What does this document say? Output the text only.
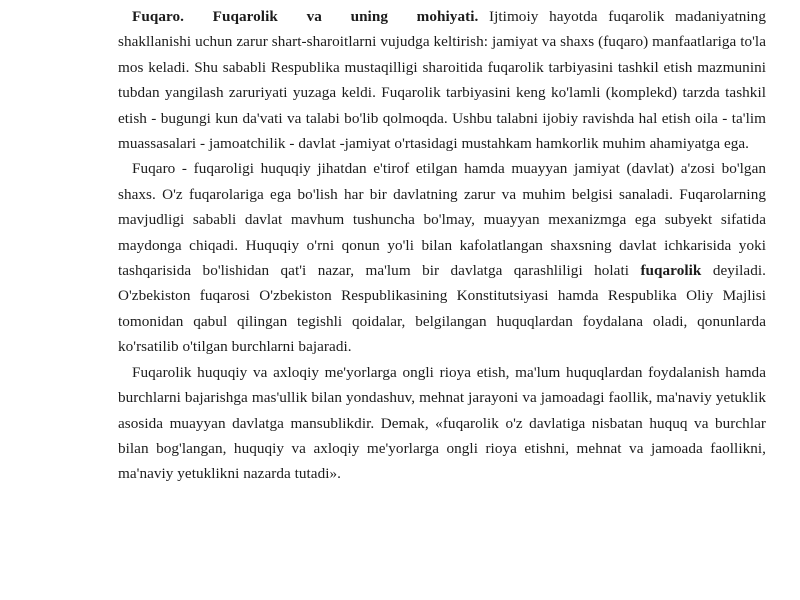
Fuqaro. Fuqarolik va uning mohiyati. Ijtimoiy hayotda fuqarolik madaniyatning shakllanishi uchun zarur shart-sharoitlarni vujudga keltirish: jamiyat va shaxs (fuqaro) manfaatlariga to'la mos keladi. Shu sababli Respublika mustaqilligi sharoitida fuqarolik tarbiyasini tashkil etish mazmunini tubdan yangilash zaruriyati yuzaga keldi. Fuqarolik tarbiyasini keng ko'lamli (komplekd) tarzda tashkil etish - bugungi kun da'vati va talabi bo'lib qolmoqda. Ushbu talabni ijobiy ravishda hal etish oila - ta'lim muassasalari - jamoatchilik - davlat -jamiyat o'rtasidagi mustahkam hamkorlik muhim ahamiyatga ega.

Fuqaro - fuqaroligi huquqiy jihatdan e'tirof etilgan hamda muayyan jamiyat (davlat) a'zosi bo'lgan shaxs. O'z fuqarolariga ega bo'lish har bir davlatning zarur va muhim belgisi sanaladi. Fuqarolarning mavjudligi sababli davlat mavhum tushuncha bo'lmay, muayyan mexanizmga ega subyekt sifatida maydonga chiqadi. Huquqiy o'rni qonun yo'li bilan kafolatlangan shaxsning davlat ichkarisida yoki tashqarisida bo'lishidan qat'i nazar, ma'lum bir davlatga qarashliligi holati fuqarolik deyiladi. O'zbekiston fuqarosi O'zbekiston Respublikasining Konstitutsiyasi hamda Respublika Oliy Majlisi tomonidan qabul qilingan tegishli qoidalar, belgilangan huquqlardan foydalana oladi, qonunlarda ko'rsatilib o'tilgan burchlarni bajaradi.

Fuqarolik huquqiy va axloqiy me'yorlarga ongli rioya etish, ma'lum huquqlardan foydalanish hamda burchlarni bajarishga mas'ullik bilan yondashuv, mehnat jarayoni va jamoadagi faollik, ma'naviy yetuklik asosida muayyan davlatga mansublikdir. Demak, «fuqarolik o'z davlatiga nisbatan huquq va burchlar bilan bog'langan, huquqiy va axloqiy me'yorlarga ongli rioya etishni, mehnat va jamoada faollikni, ma'naviy yetuklikni nazarda tutadi».
